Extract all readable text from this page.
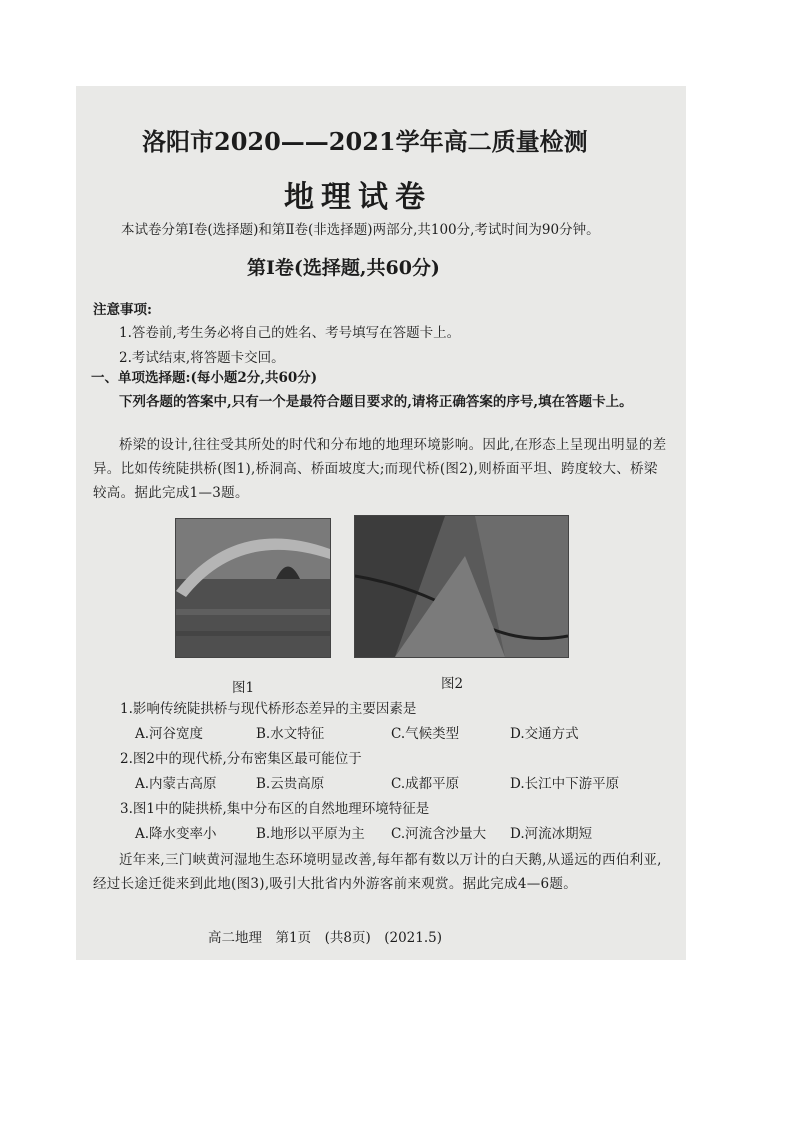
洛阳市2020——2021学年高二质量检测
地理试卷
本试卷分第Ⅰ卷(选择题)和第Ⅱ卷(非选择题)两部分,共100分,考试时间为90分钟。
第Ⅰ卷(选择题,共60分)
注意事项:
1.答卷前,考生务必将自己的姓名、考号填写在答题卡上。
2.考试结束,将答题卡交回。
一、单项选择题:(每小题2分,共60分)
下列各题的答案中,只有一个是最符合题目要求的,请将正确答案的序号,填在答题卡上。
桥梁的设计,往往受其所处的时代和分布地的地理环境影响。因此,在形态上呈现出明显的差异。比如传统陡拱桥(图1),桥洞高、桥面坡度大;而现代桥(图2),则桥面平坦、跨度较大、桥梁较高。据此完成1—3题。
图1	图2
1.影响传统陡拱桥与现代桥形态差异的主要因素是
A.河谷宽度	B.水文特征	C.气候类型	D.交通方式
2.图2中的现代桥,分布密集区最可能位于
A.内蒙古高原	B.云贵高原	C.成都平原	D.长江中下游平原
3.图1中的陡拱桥,集中分布区的自然地理环境特征是
A.降水变率小	B.地形以平原为主 C.河流含沙量大 D.河流冰期短
近年来,三门峡黄河湿地生态环境明显改善,每年都有数以万计的白天鹅,从遥远的西伯利亚,经过长途迁徙来到此地(图3),吸引大批省内外游客前来观赏。据此完成4—6题。
高二地理　第1页　(共8页)　(2021.5)
